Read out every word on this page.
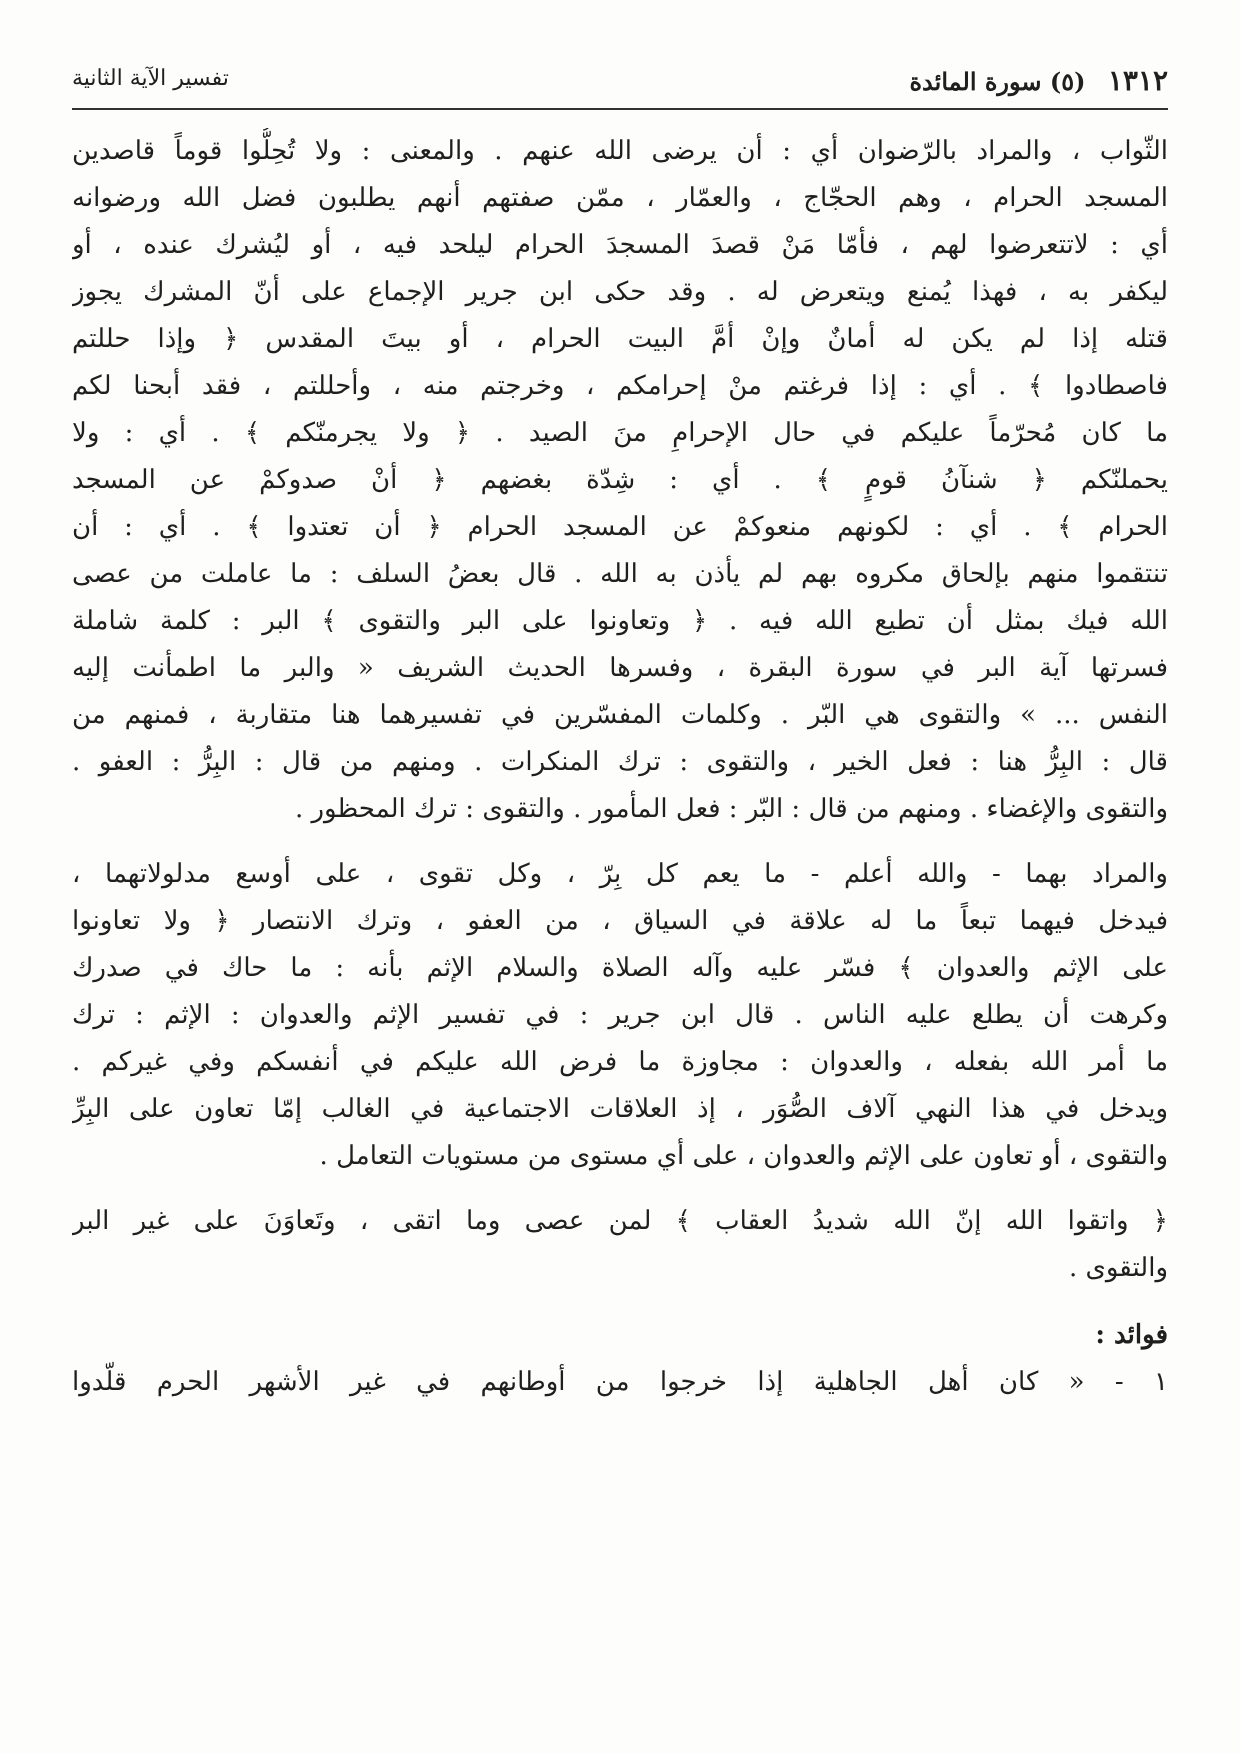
١٣١٢ (٥) سورة المائدة
تفسير الآية الثانية
الثّواب ، والمراد بالرّضوان أي : أن يرضى الله عنهم . والمعنى : ولا تُحِلُّوا قوماً قاصدين
المسجد الحرام ، وهم الحجّاج ، والعمّار ، ممّن صفتهم أنهم يطلبون فضل الله ورضوانه
أي : لاتتعرضوا لهم ، فأمّا مَنْ قصدَ المسجدَ الحرام ليلحد فيه ، أو ليُشرك عنده ، أو
ليكفر به ، فهذا يُمنع ويتعرض له . وقد حكى ابن جرير الإجماع على أنّ المشرك يجوز
قتله إذا لم يكن له أمانٌ وإنْ أمَّ البيت الحرام ، أو بيتَ المقدس ﴿ وإذا حللتم
فاصطادوا ﴾ . أي : إذا فرغتم منْ إحرامكم ، وخرجتم منه ، وأحللتم ، فقد أبحنا لكم
ما كان مُحرّماً عليكم في حال الإحرامِ منَ الصيد . ﴿ ولا يجرمنّكم ﴾ . أي : ولا
يحملنّكم ﴿ شنآنُ قومٍ ﴾ . أي : شِدّة بغضهم ﴿ أنْ صدوكمْ عن المسجد
الحرام ﴾ . أي : لكونهم منعوكمْ عن المسجد الحرام ﴿ أن تعتدوا ﴾ . أي : أن
تنتقموا منهم بإلحاق مكروه بهم لم يأذن به الله . قال بعضُ السلف : ما عاملت من عصى
الله فيك بمثل أن تطيع الله فيه . ﴿ وتعاونوا على البر والتقوى ﴾ البر : كلمة شاملة
فسرتها آية البر في سورة البقرة ، وفسرها الحديث الشريف « والبر ما اطمأنت إليه
النفس ... » والتقوى هي البّر . وكلمات المفسّرين في تفسيرهما هنا متقاربة ، فمنهم من
قال : البِرُّ هنا : فعل الخير ، والتقوى : ترك المنكرات . ومنهم من قال : البِرُّ : العفو .
والتقوى والإغضاء . ومنهم من قال : البّر : فعل المأمور . والتقوى : ترك المحظور .
والمراد بهما - والله أعلم - ما يعم كل بِرّ ، وكل تقوى ، على أوسع مدلولاتهما ،
فيدخل فيهما تبعاً ما له علاقة في السياق ، من العفو ، وترك الانتصار ﴿ ولا تعاونوا
على الإثم والعدوان ﴾ فسّر عليه وآله الصلاة والسلام الإثم بأنه : ما حاك في صدرك
وكرهت أن يطلع عليه الناس . قال ابن جرير : في تفسير الإثم والعدوان : الإثم : ترك
ما أمر الله بفعله ، والعدوان : مجاوزة ما فرض الله عليكم في أنفسكم وفي غيركم .
ويدخل في هذا النهي آلاف الصُّوَر ، إذ العلاقات الاجتماعية في الغالب إمّا تعاون على البِرِّ
والتقوى ، أو تعاون على الإثم والعدوان ، على أي مستوى من مستويات التعامل .
﴿ واتقوا الله إنّ الله شديدُ العقاب ﴾ لمن عصى وما اتقى ، وتَعاوَنَ على غير البر
والتقوى .
فوائد :
١ - « كان أهل الجاهلية إذا خرجوا من أوطانهم في غير الأشهر الحرم قلّدوا
